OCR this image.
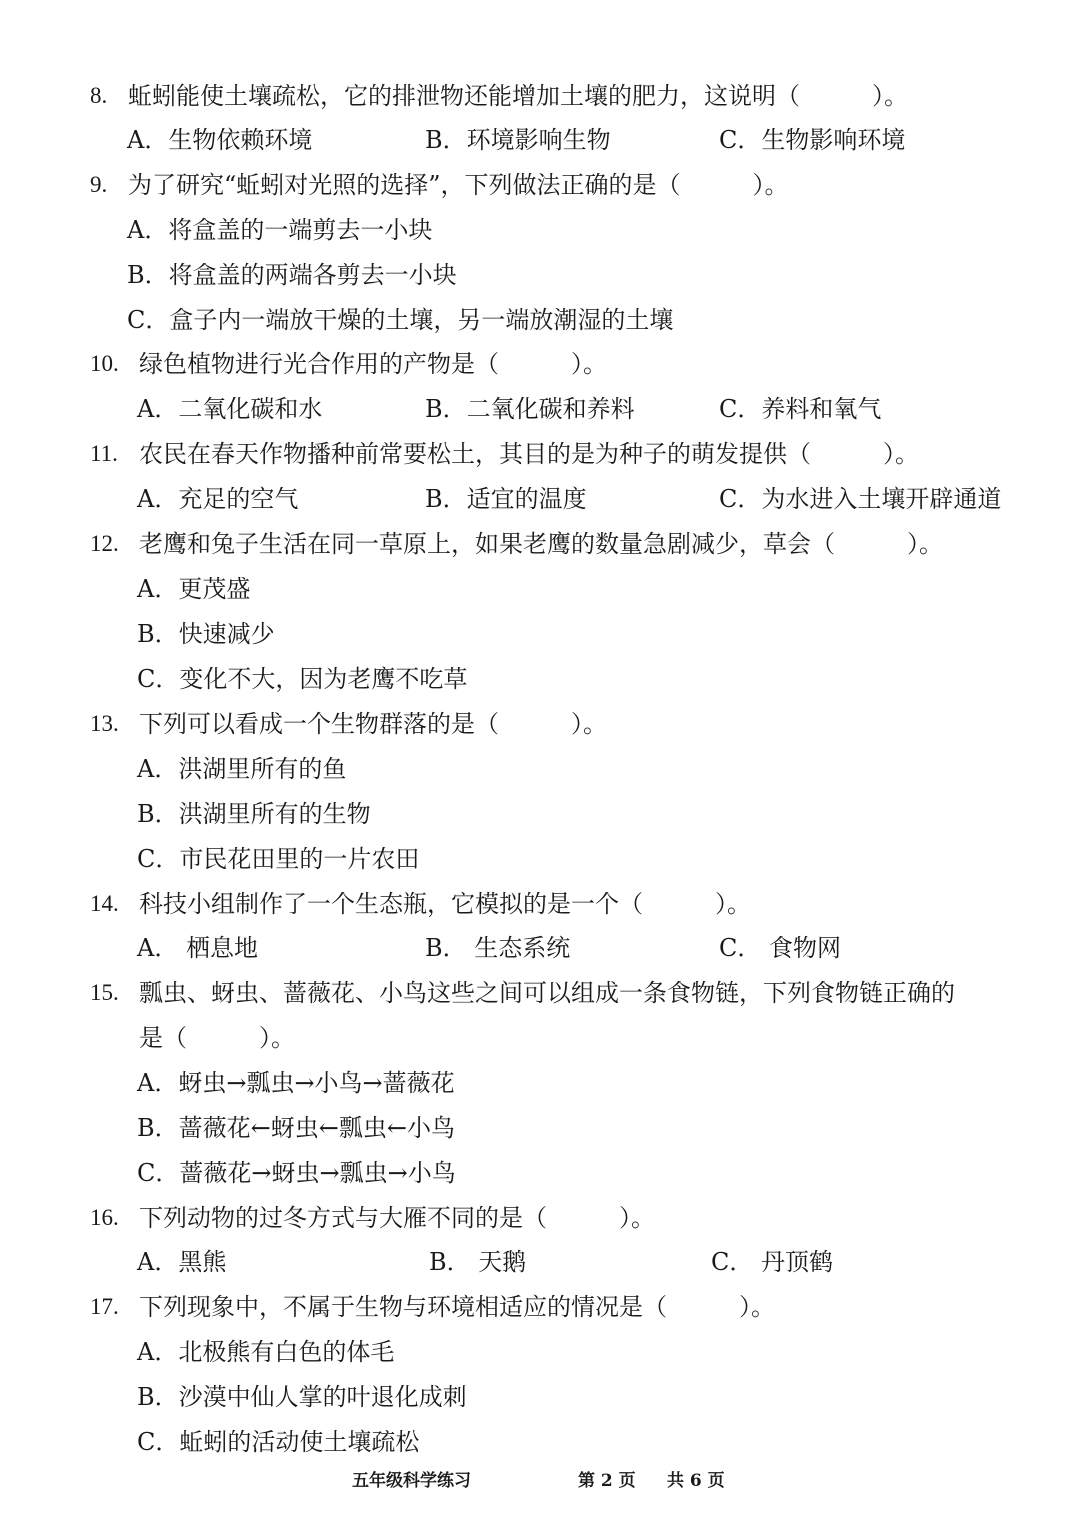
8. 蚯蚓能使土壤疏松，它的排泄物还能增加土壤的肥力，这说明（　　　）。
A．生物依赖环境	B．环境影响生物	C．生物影响环境
9. 为了研究“蚯蚓对光照的选择”，下列做法正确的是（　　　）。
A．将盒盖的一端剪去一小块
B．将盒盖的两端各剪去一小块
C．盒子内一端放干燥的土壤，另一端放潮湿的土壤
10. 绿色植物进行光合作用的产物是（　　　）。
A．二氧化碳和水	B．二氧化碳和养料	C．养料和氧气
11. 农民在春天作物播种前常要松土，其目的是为种子的萌发提供（　　　）。
A．充足的空气	B．适宜的温度	C．为水进入土壤开辟通道
12. 老鹰和兔子生活在同一草原上，如果老鹰的数量急剧减少，草会（　　　）。
A．更茂盛
B．快速减少
C．变化不大，因为老鹰不吃草
13. 下列可以看成一个生物群落的是（　　　）。
A．洪湖里所有的鱼
B．洪湖里所有的生物
C．市民花田里的一片农田
14. 科技小组制作了一个生态瓶，它模拟的是一个（　　　）。
A． 栖息地	B． 生态系统	C． 食物网
15. 瓢虫、蚜虫、蔷薇花、小鸟这些之间可以组成一条食物链，下列食物链正确的
是（　　　）。
A．蚜虫→瓢虫→小鸟→蔷薇花
B．蔷薇花←蚜虫←瓢虫←小鸟
C．蔷薇花→蚜虫→瓢虫→小鸟
16. 下列动物的过冬方式与大雁不同的是（　　　）。
A．黑熊	B． 天鹅	C． 丹顶鹤
17. 下列现象中，不属于生物与环境相适应的情况是（　　　）。
A．北极熊有白色的体毛
B．沙漠中仙人掌的叶退化成刺
C．蚯蚓的活动使土壤疏松
五年级科学练习	第 2 页 共 6 页
